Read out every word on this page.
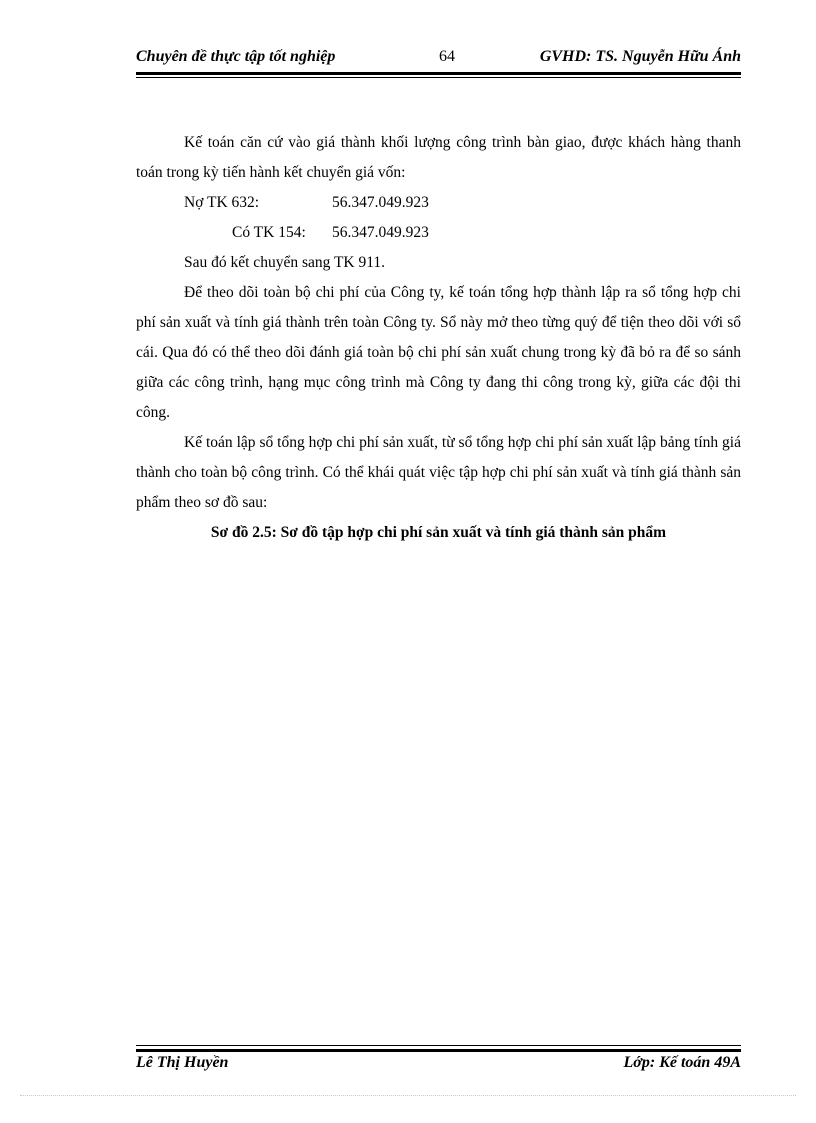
Chuyên đề thực tập tốt nghiệp	64	GVHD: TS. Nguyễn Hữu Ánh

Kế toán căn cứ vào giá thành khối lượng công trình bàn giao, được khách hàng thanh toán trong kỳ tiến hành kết chuyển giá vốn:

Nợ TK 632:	56.347.049.923
Có TK 154: 56.347.049.923

Sau đó kết chuyển sang TK 911.

Để theo dõi toàn bộ chi phí của Công ty, kế toán tổng hợp thành lập ra sổ tổng hợp chi phí sản xuất và tính giá thành trên toàn Công ty. Sổ này mở theo từng quý để tiện theo dõi với sổ cái. Qua đó có thể theo dõi đánh giá toàn bộ chi phí sản xuất chung trong kỳ đã bỏ ra để so sánh giữa các công trình, hạng mục công trình mà Công ty đang thi công trong kỳ, giữa các đội thi công.

Kế toán lập sổ tổng hợp chi phí sản xuất, từ sổ tổng hợp chi phí sản xuất lập bảng tính giá thành cho toàn bộ công trình. Có thể khái quát việc tập hợp chi phí sản xuất và tính giá thành sản phẩm theo sơ đồ sau:

Sơ đồ 2.5: Sơ đồ tập hợp chi phí sản xuất và tính giá thành sản phẩm

Lê Thị Huyền	Lớp: Kế toán 49A
